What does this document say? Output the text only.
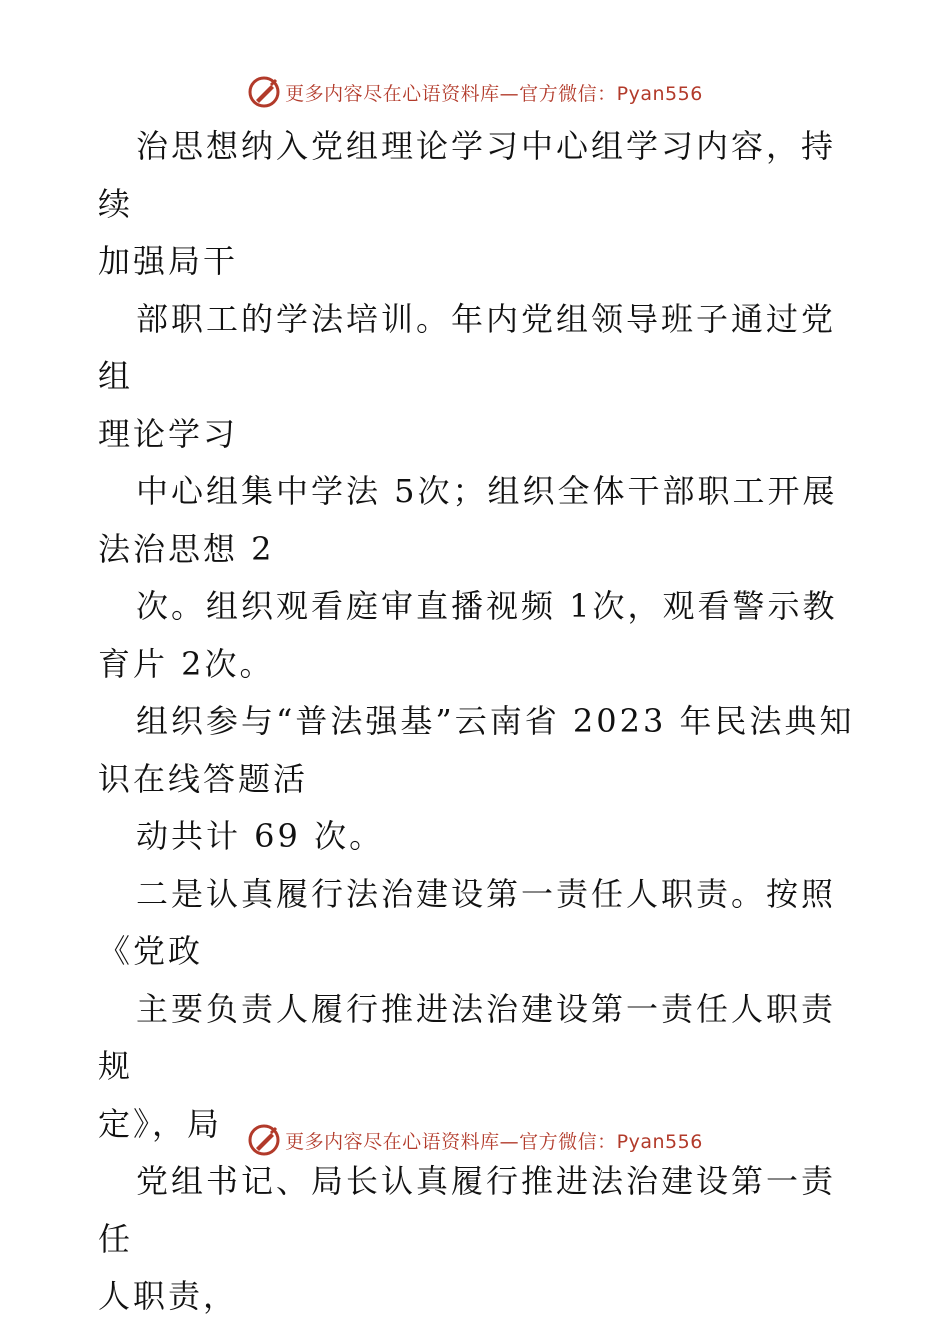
更多内容尽在心语资料库—官方微信：Pyan556

治思想纳入党组理论学习中心组学习内容，持续

加强局干

部职工的学法培训。年内党组领导班子通过党组

理论学习

中心组集中学法 5次；组织全体干部职工开展

法治思想 2

次。组织观看庭审直播视频 1次，观看警示教

育片 2次。

组织参与“普法强基”云南省 2023 年民法典知

识在线答题活

动共计 69 次。

二是认真履行法治建设第一责任人职责。按照

《党政

主要负责人履行推进法治建设第一责任人职责规

定》，局

党组书记、局长认真履行推进法治建设第一责任

人职责，

更多内容尽在心语资料库—官方微信：Pyan556
